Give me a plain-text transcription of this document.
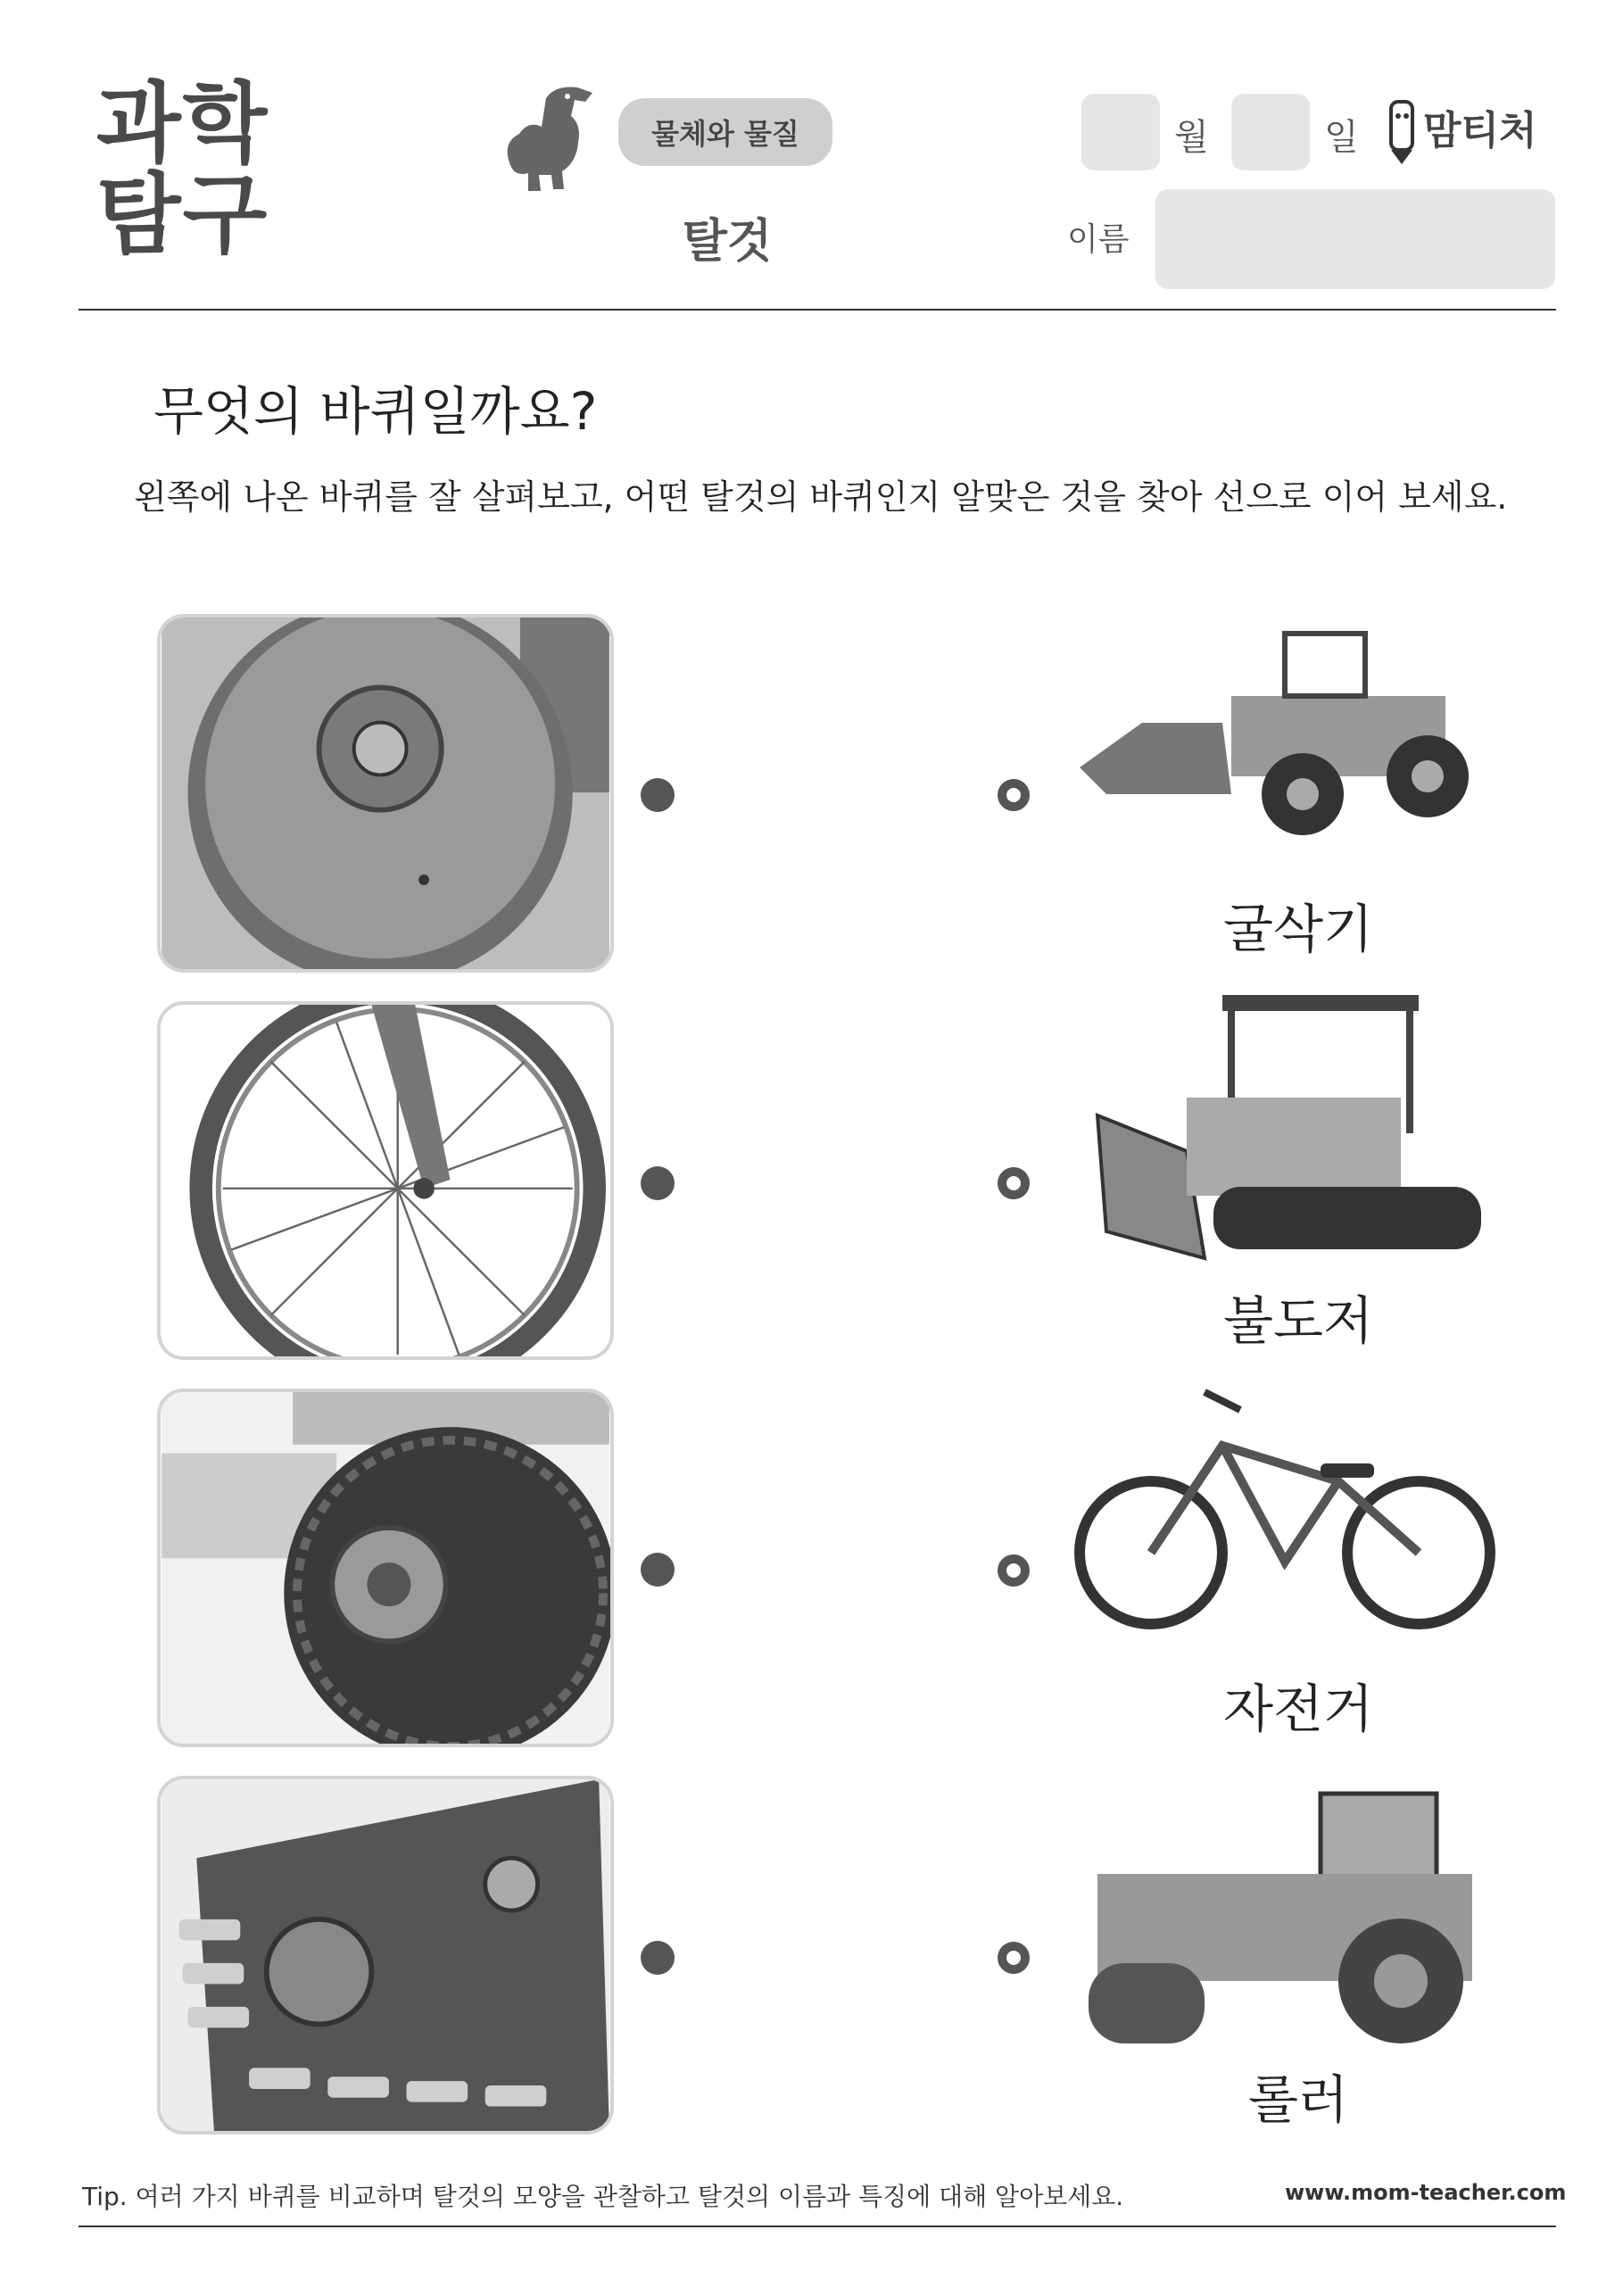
과학
탐구
물체와 물질
탈것
월	일 맘티처
이름
무엇의 바퀴일까요?
왼쪽에 나온 바퀴를 잘 살펴보고, 어떤 탈것의 바퀴인지 알맞은 것을 찾아 선으로 이어 보세요.
굴삭기
불도저
자전거
롤러
Tip. 여러 가지 바퀴를 비교하며 탈것의 모양을 관찰하고 탈것의 이름과 특징에 대해 알아보세요.	www.mom-teacher.com
